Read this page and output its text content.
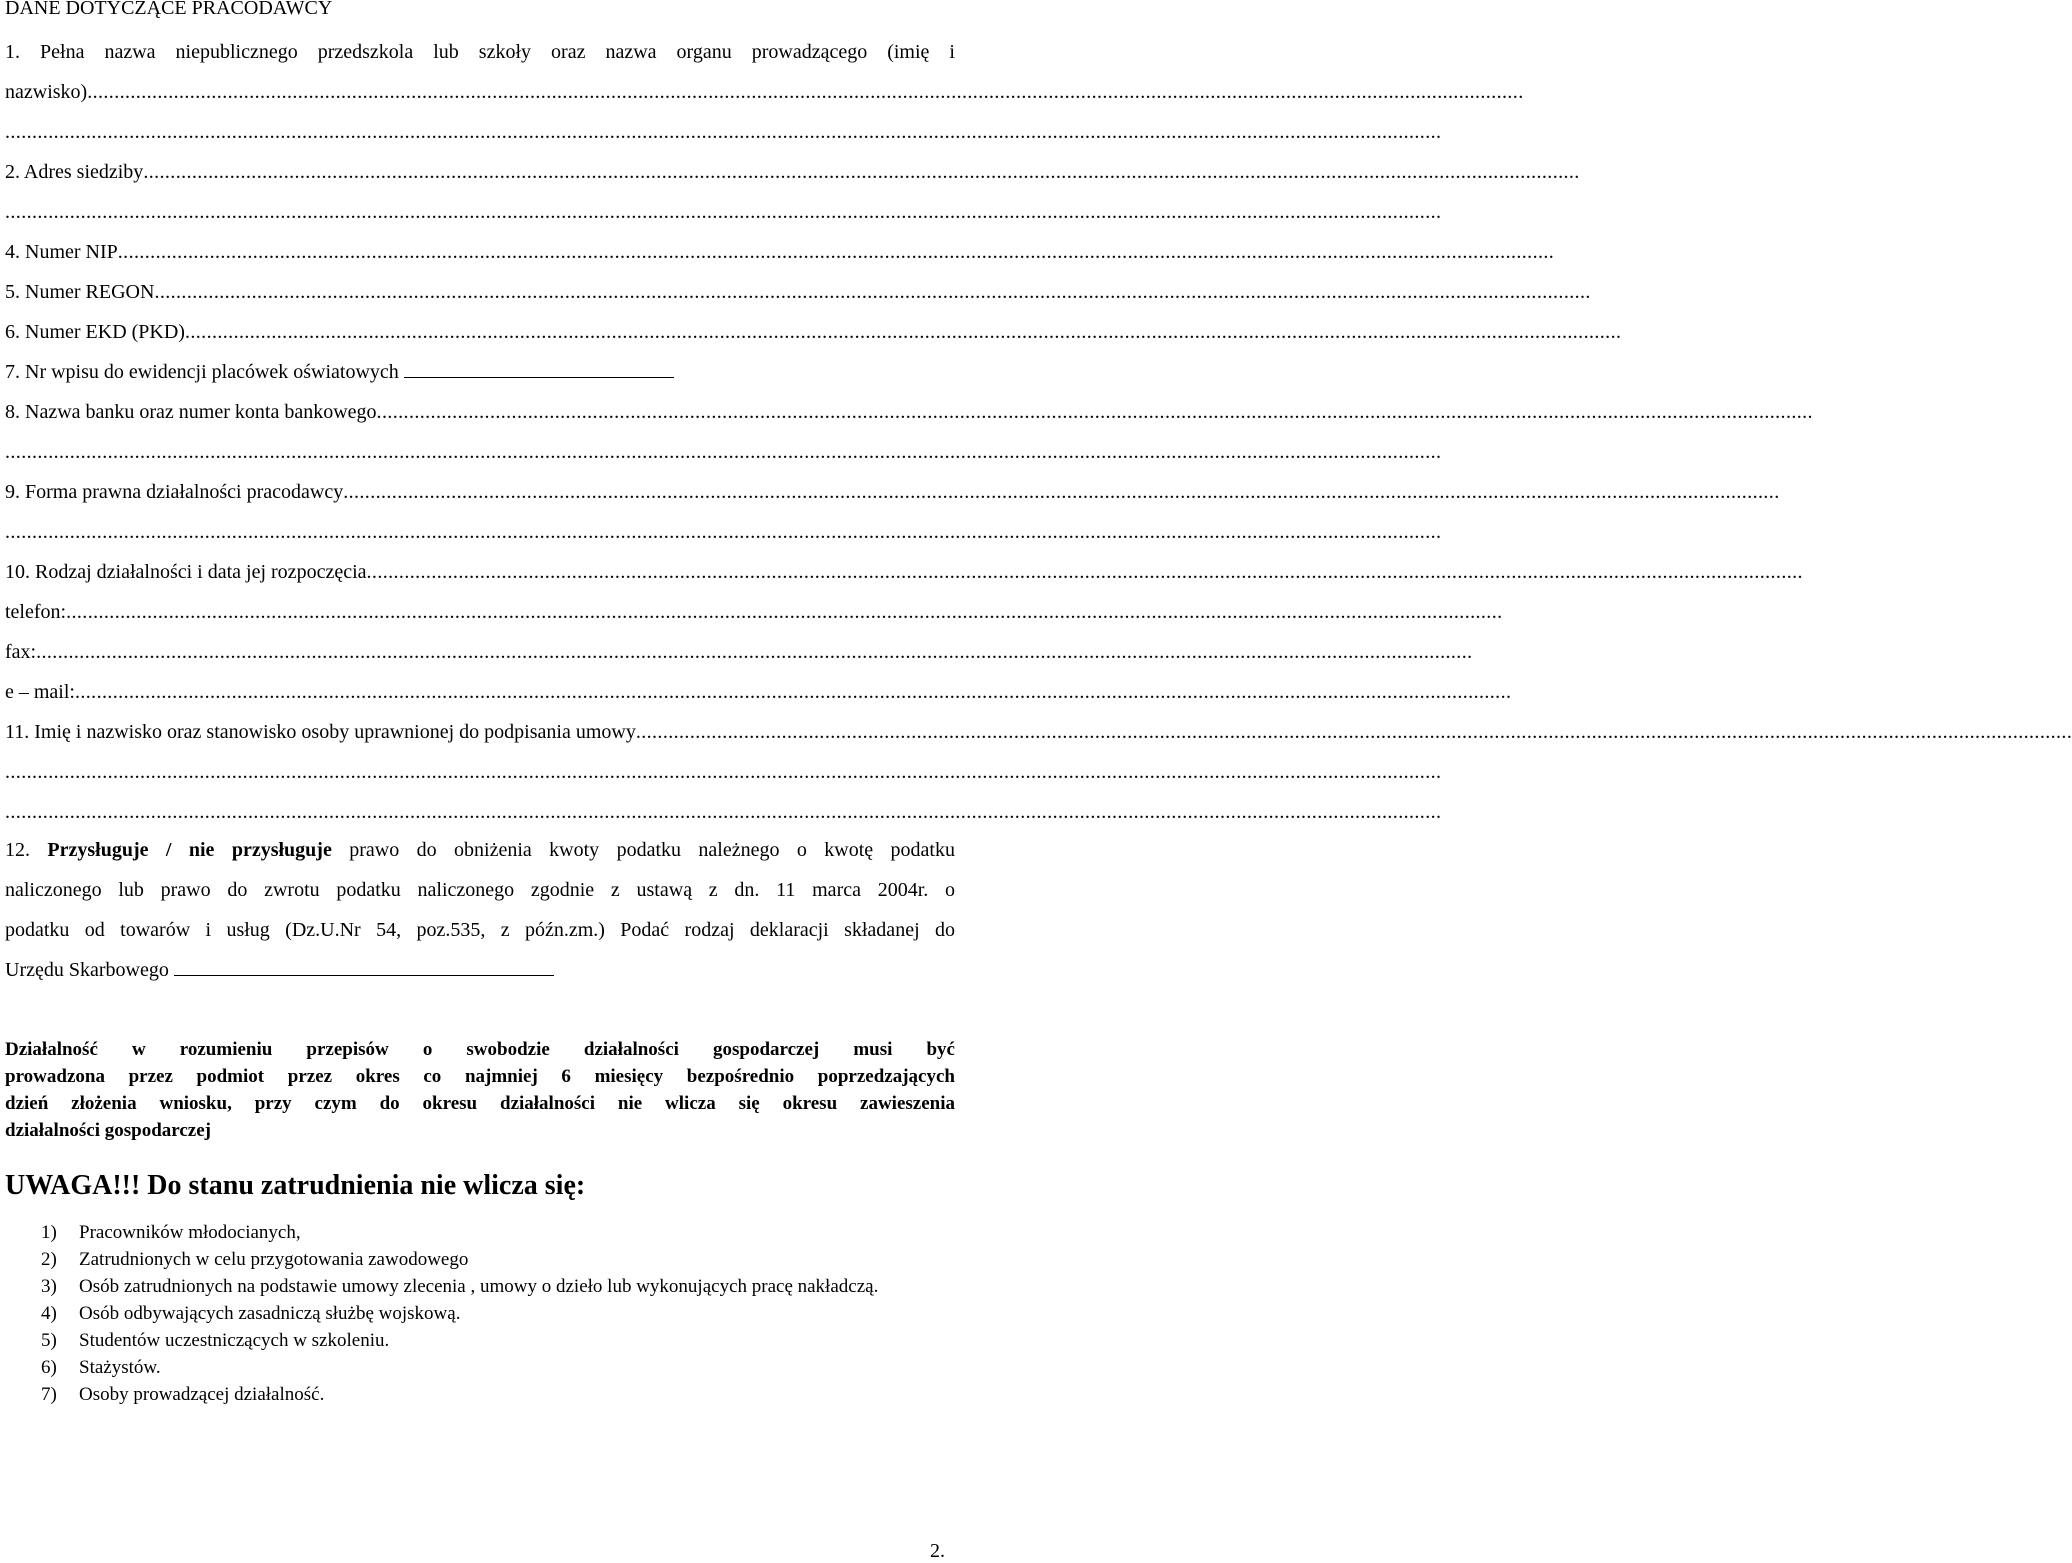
DANE DOTYCZĄCE PRACODAWCY
1. Pełna nazwa niepublicznego przedszkola lub szkoły oraz nazwa organu prowadzącego (imię i
nazwisko) ..........................................................................................................................................................................................................................................................................
..........................................................................................................................................................................................................................................................................
2. Adres siedziby ..........................................................................................................................................................................................................................................................................
..........................................................................................................................................................................................................................................................................
4. Numer NIP ..........................................................................................................................................................................................................................................................................
5. Numer REGON ..........................................................................................................................................................................................................................................................................
6. Numer EKD (PKD) ..........................................................................................................................................................................................................................................................................
7. Nr wpisu do ewidencji placówek oświatowych
8. Nazwa banku oraz numer konta bankowego ..........................................................................................................................................................................................................................................................................
..........................................................................................................................................................................................................................................................................
9. Forma prawna działalności pracodawcy ..........................................................................................................................................................................................................................................................................
..........................................................................................................................................................................................................................................................................
10. Rodzaj działalności i data jej rozpoczęcia ..........................................................................................................................................................................................................................................................................
telefon: ..........................................................................................................................................................................................................................................................................
fax: ..........................................................................................................................................................................................................................................................................
e – mail: ..........................................................................................................................................................................................................................................................................
11. Imię i nazwisko oraz stanowisko osoby uprawnionej do podpisania umowy ..........................................................................................................................................................................................................................................................................
..........................................................................................................................................................................................................................................................................
..........................................................................................................................................................................................................................................................................
12. Przysługuje / nie przysługuje prawo do obniżenia kwoty podatku należnego o kwotę podatku
naliczonego lub prawo do zwrotu podatku naliczonego zgodnie z ustawą z dn. 11 marca 2004r. o
podatku od towarów i usług (Dz.U.Nr 54, poz.535, z późn.zm.) Podać rodzaj deklaracji składanej do
Urzędu Skarbowego

Działalność w rozumieniu przepisów o swobodzie działalności gospodarczej musi być

prowadzona przez podmiot przez okres co najmniej 6 miesięcy bezpośrednio poprzedzających

dzień złożenia wniosku, przy czym do okresu działalności nie wlicza się okresu zawieszenia

działalności gospodarczej

UWAGA!!! Do stanu zatrudnienia nie wlicza się:
1)	Pracowników młodocianych,
2)	Zatrudnionych w celu przygotowania zawodowego
3)	Osób zatrudnionych na podstawie umowy zlecenia , umowy o dzieło lub wykonujących pracę nakładczą.
4)	Osób odbywających zasadniczą służbę wojskową.
5)	Studentów uczestniczących w szkoleniu.
6)	Stażystów.
7)	Osoby prowadzącej działalność.
2.
